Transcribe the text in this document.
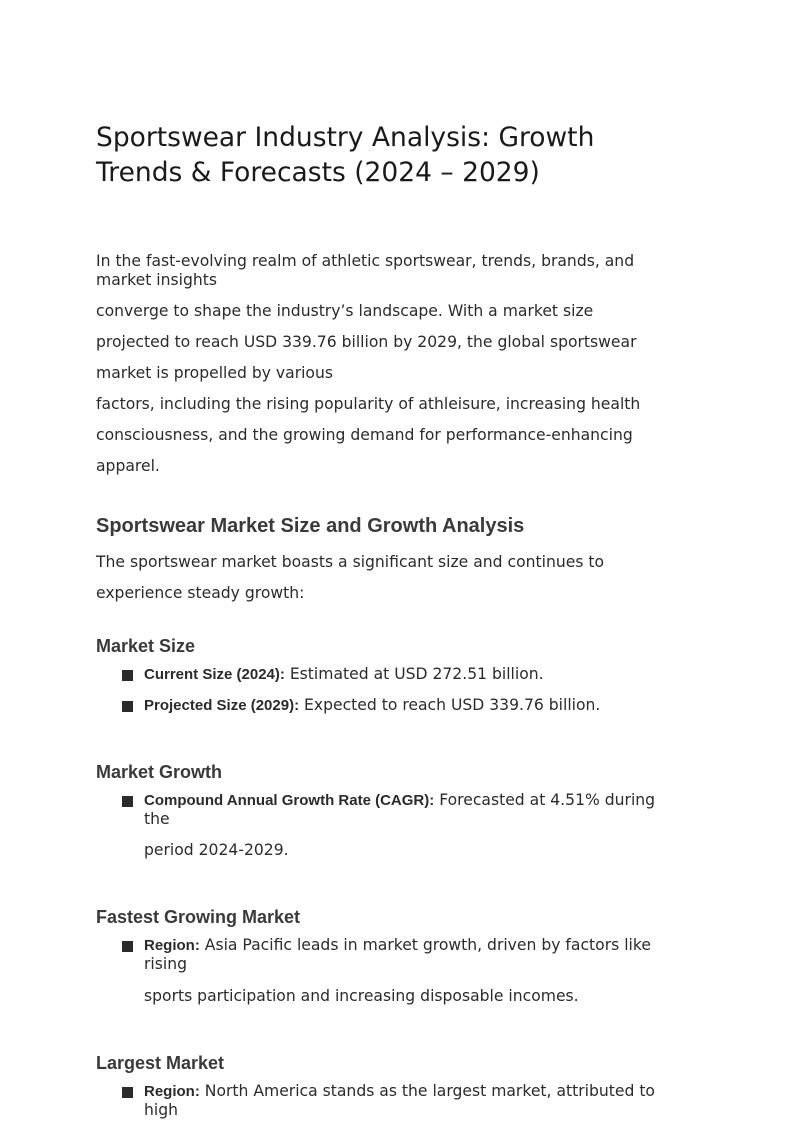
Sportswear Industry Analysis: Growth
Trends & Forecasts (2024 – 2029)
In the fast-evolving realm of athletic sportswear, trends, brands, and
market insights
converge to shape the industry’s landscape. With a market size
projected to reach USD 339.76 billion by 2029, the global sportswear
market is propelled by various
factors, including the rising popularity of athleisure, increasing health
consciousness, and the growing demand for performance-enhancing
apparel.
Sportswear Market Size and Growth Analysis
The sportswear market boasts a significant size and continues to
experience steady growth:
Market Size
Current Size (2024): Estimated at USD 272.51 billion.
Projected Size (2029): Expected to reach USD 339.76 billion.
Market Growth
Compound Annual Growth Rate (CAGR): Forecasted at 4.51% during
the
period 2024-2029.
Fastest Growing Market
Region: Asia Pacific leads in market growth, driven by factors like
rising
sports participation and increasing disposable incomes.
Largest Market
Region: North America stands as the largest market, attributed to
high
